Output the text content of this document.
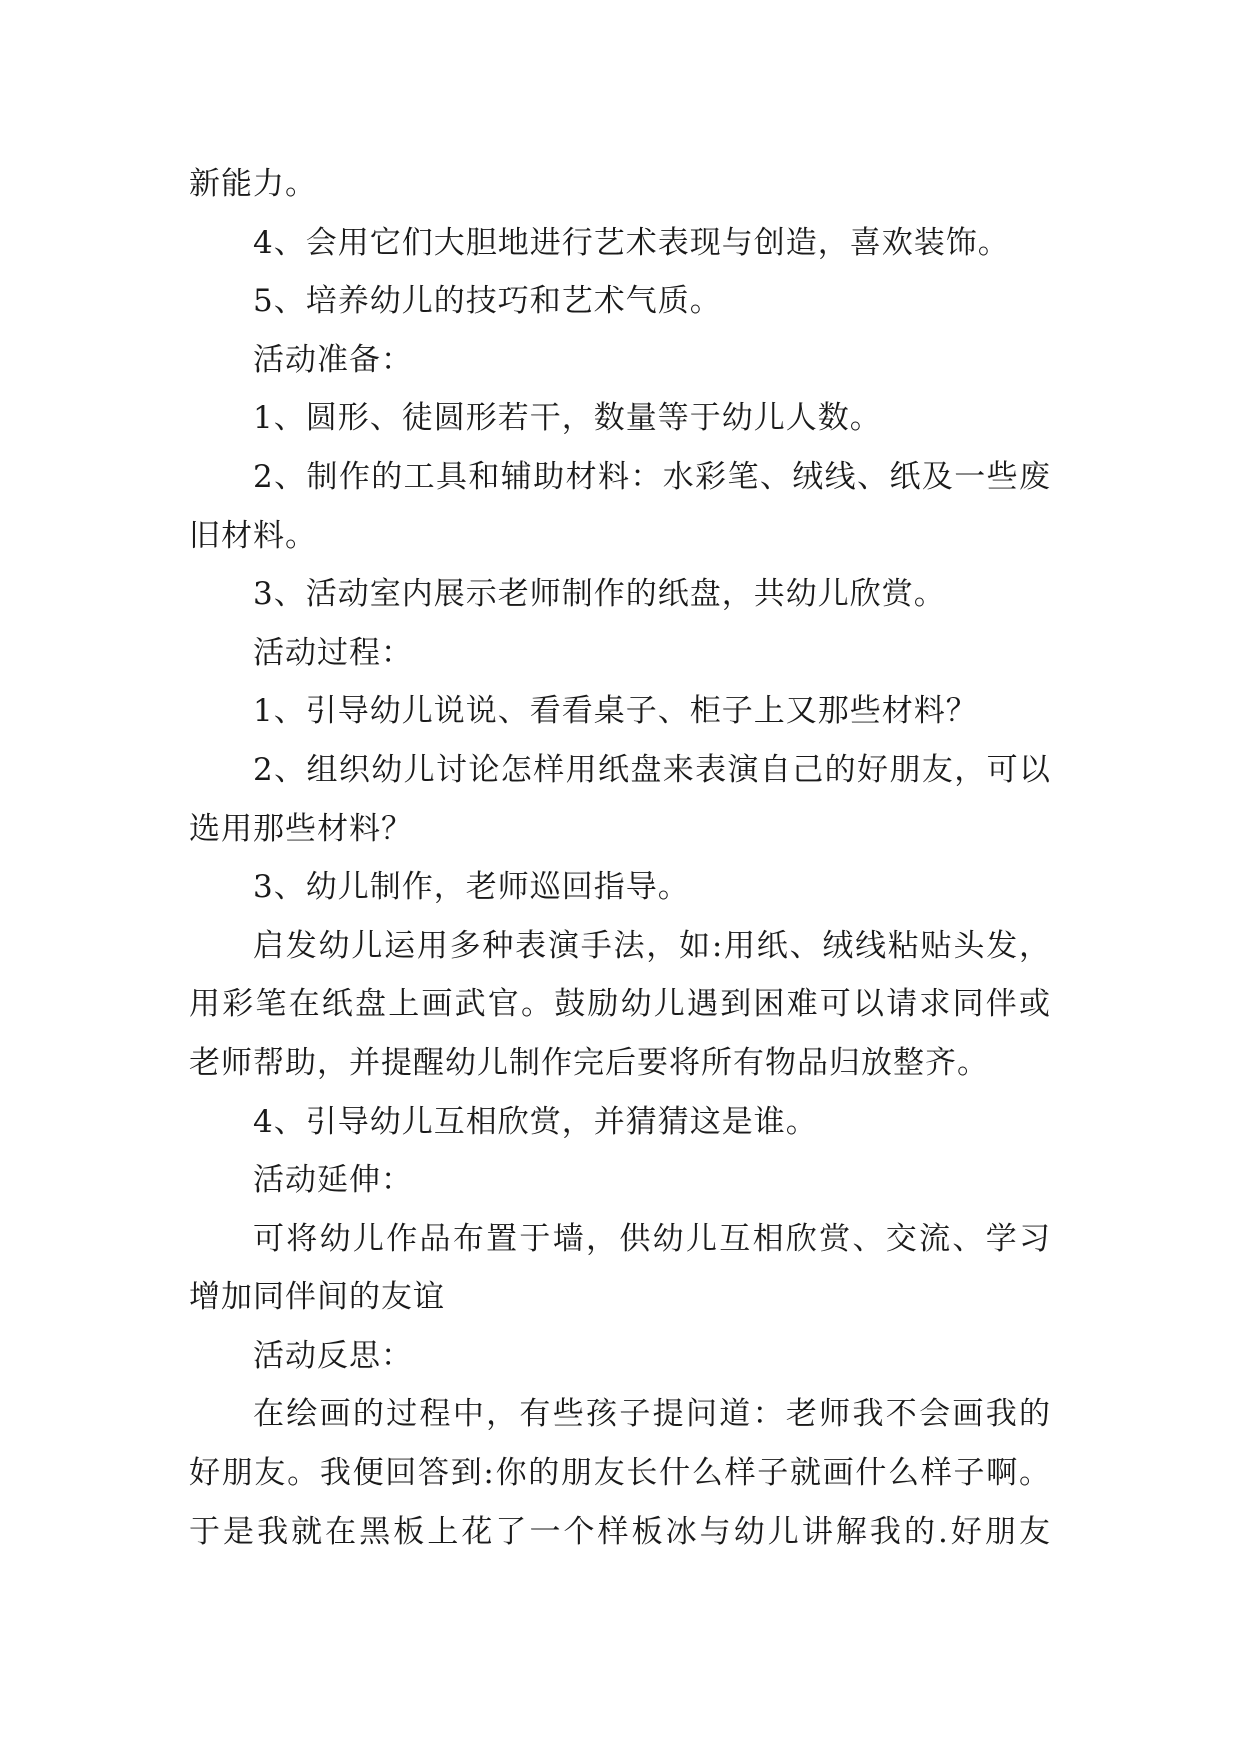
新能力。

4、会用它们大胆地进行艺术表现与创造，喜欢装饰。

5、培养幼儿的技巧和艺术气质。

活动准备：

1、圆形、徒圆形若干，数量等于幼儿人数。

2、制作的工具和辅助材料：水彩笔、绒线、纸及一些废旧材料。

3、活动室内展示老师制作的纸盘，共幼儿欣赏。

活动过程：

1、引导幼儿说说、看看桌子、柜子上又那些材料？

2、组织幼儿讨论怎样用纸盘来表演自己的好朋友，可以选用那些材料？

3、幼儿制作，老师巡回指导。

启发幼儿运用多种表演手法，如:用纸、绒线粘贴头发，用彩笔在纸盘上画武官。鼓励幼儿遇到困难可以请求同伴或老师帮助，并提醒幼儿制作完后要将所有物品归放整齐。

4、引导幼儿互相欣赏，并猜猜这是谁。

活动延伸：

可将幼儿作品布置于墙，供幼儿互相欣赏、交流、学习增加同伴间的友谊

活动反思：

在绘画的过程中，有些孩子提问道：老师我不会画我的好朋友。我便回答到:你的朋友长什么样子就画什么样子啊。于是我就在黑板上花了一个样板冰与幼儿讲解我的.好朋友
